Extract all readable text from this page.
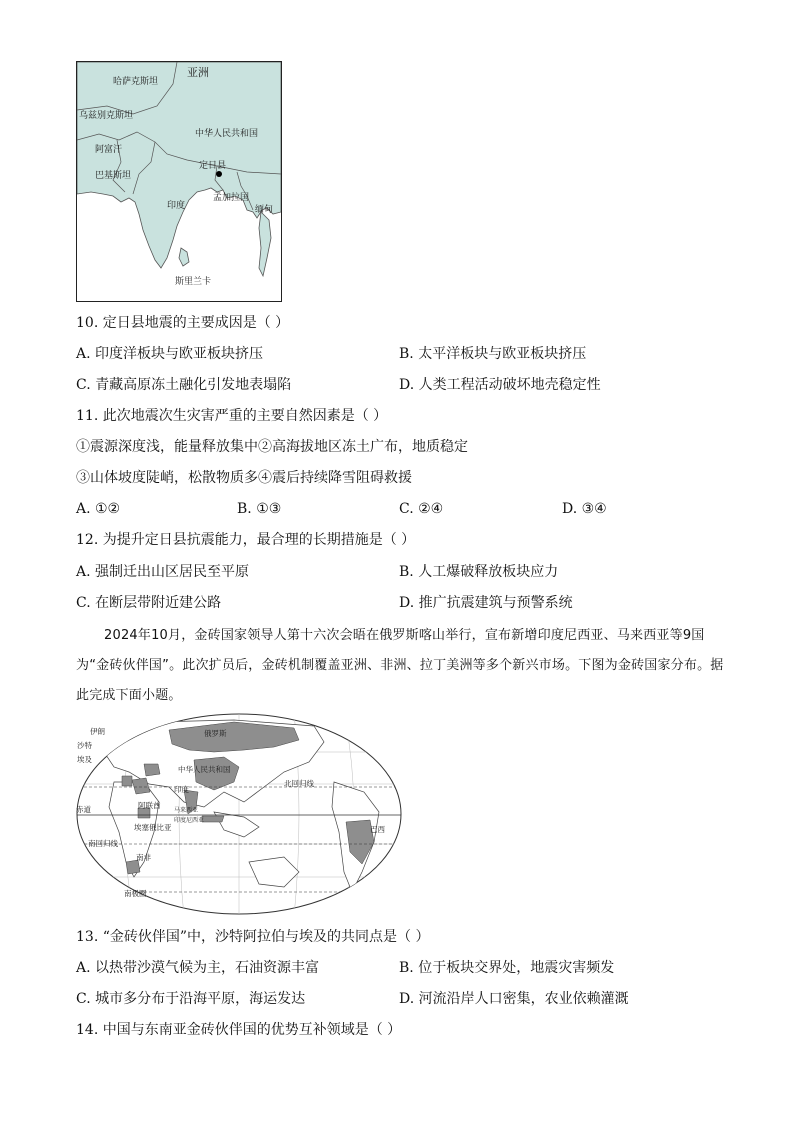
亚洲
哈萨克斯坦
乌兹别克斯坦
中华人民共和国
阿富汗
定日县
巴基斯坦
孟加拉国
印度	缅甸
斯里兰卡
10. 定日县地震的主要成因是（ ）
A. 印度洋板块与欧亚板块挤压	B. 太平洋板块与欧亚板块挤压
C. 青藏高原冻土融化引发地表塌陷	D. 人类工程活动破坏地壳稳定性
11. 此次地震次生灾害严重的主要自然因素是（ ）
①震源深度浅，能量释放集中②高海拔地区冻土广布，地质稳定
③山体坡度陡峭，松散物质多④震后持续降雪阻碍救援
A. ①②	B. ①③	C. ②④	D. ③④
12. 为提升定日县抗震能力，最合理的长期措施是（ ）
A. 强制迁出山区居民至平原	B. 人工爆破释放板块应力
C. 在断层带附近建公路	D. 推广抗震建筑与预警系统
2024年10月，金砖国家领导人第十六次会晤在俄罗斯喀山举行，宣布新增印度尼西亚、马来西亚等9国为“金砖伙伴国”。此次扩员后，金砖机制覆盖亚洲、非洲、拉丁美洲等多个新兴市场。下图为金砖国家分布。据此完成下面小题。
伊朗
沙特
埃及
俄罗斯
中华人民共和国
印度
阿联酋
马来西亚
印度尼西亚
赤道
埃塞俄比亚
北回归线
南回归线
南非
巴西
南极圈
13. “金砖伙伴国”中，沙特阿拉伯与埃及的共同点是（ ）
A. 以热带沙漠气候为主，石油资源丰富	B. 位于板块交界处，地震灾害频发
C. 城市多分布于沿海平原，海运发达	D. 河流沿岸人口密集，农业依赖灌溉
14. 中国与东南亚金砖伙伴国的优势互补领域是（ ）
